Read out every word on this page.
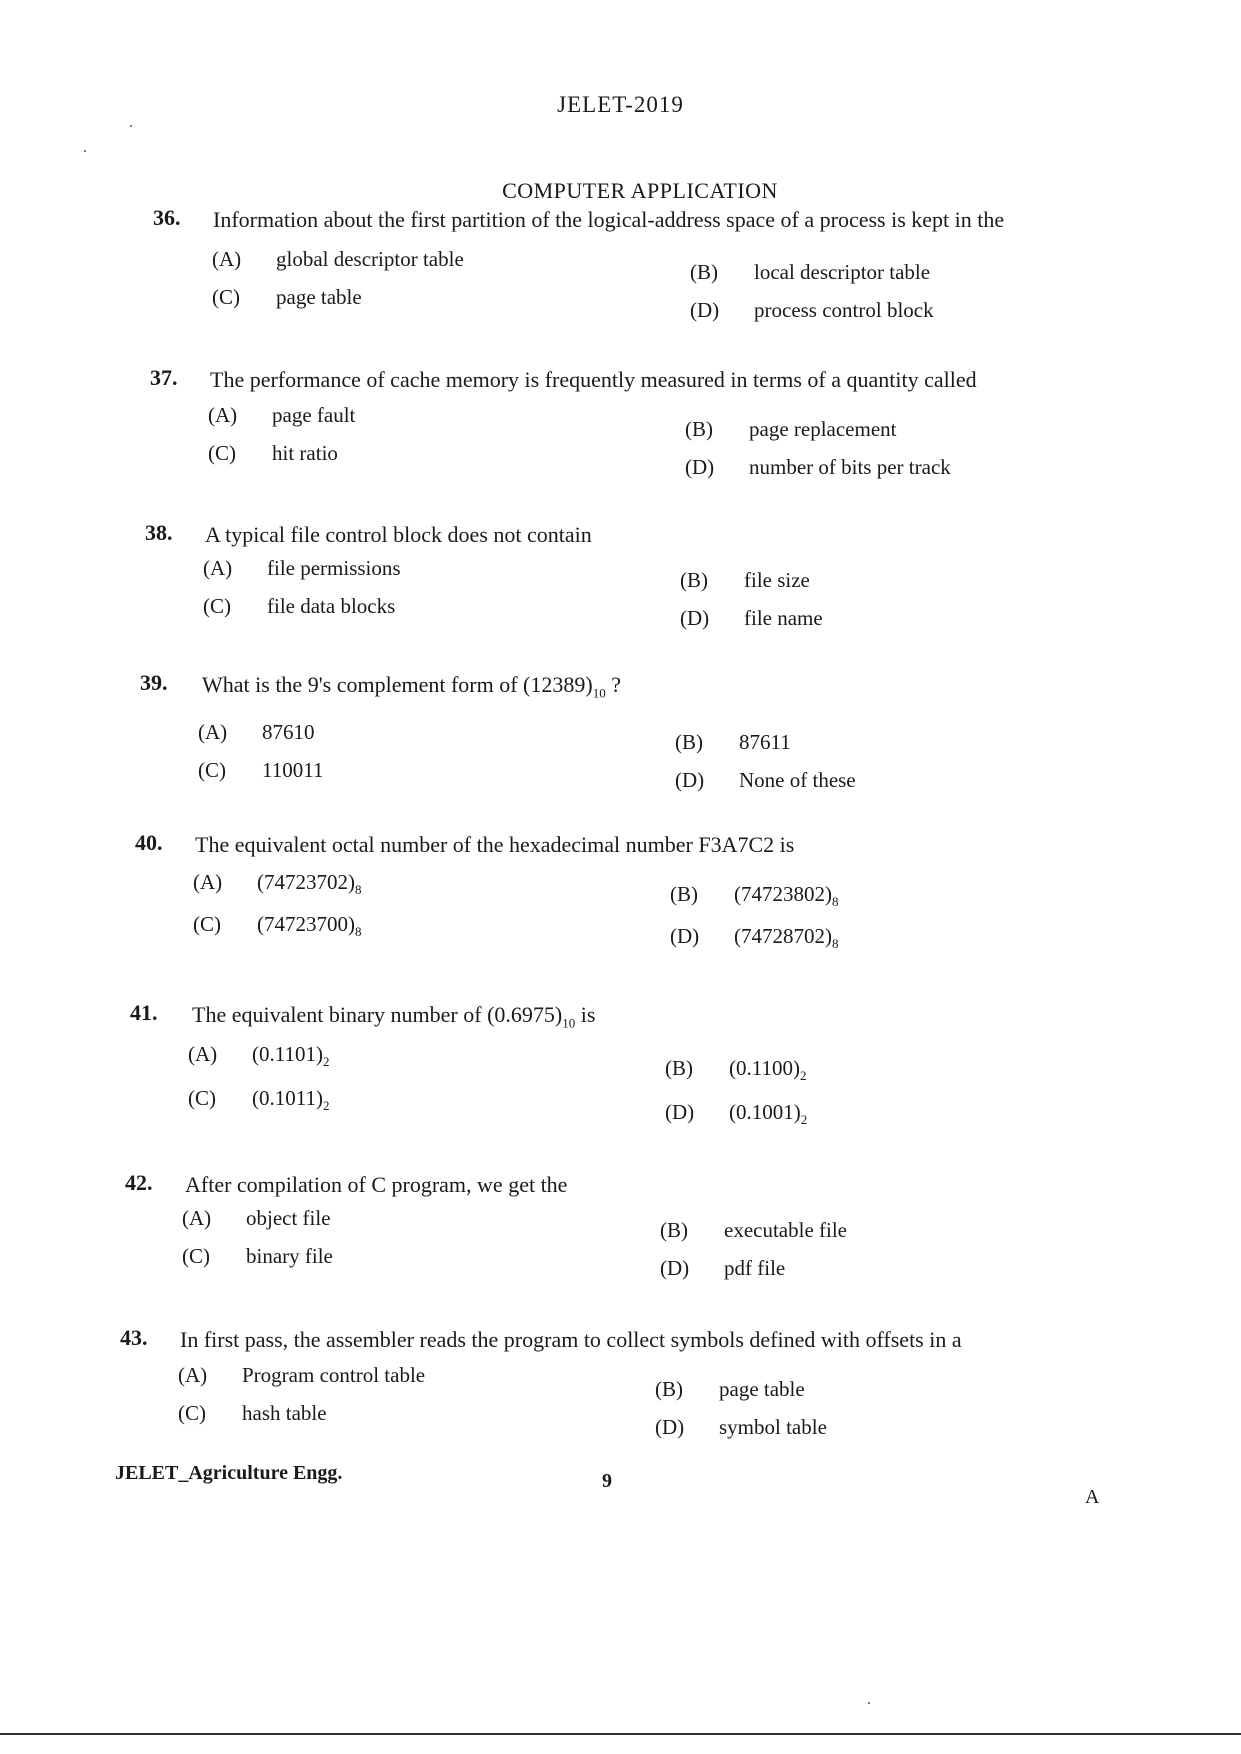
JELET-2019
COMPUTER APPLICATION
36. Information about the first partition of the logical-address space of a process is kept in the
(A) global descriptor table
(B) local descriptor table
(C) page table
(D) process control block
37. The performance of cache memory is frequently measured in terms of a quantity called
(A) page fault
(B) page replacement
(C) hit ratio
(D) number of bits per track
38. A typical file control block does not contain
(A) file permissions	(B) file size
(C) file data blocks	(D) file name
39. What is the 9's complement form of $(12389)_{10}$ ?
(A) 87610	(B) 87611
(C) 110011	(D) None of these
40. The equivalent octal number of the hexadecimal number F3A7C2 is
(A) $(74723702)_8$	(B) $(74723802)_8$
(C) $(74723700)_8$	(D) $(74728702)_8$
41. The equivalent binary number of $(0.6975)_{10}$ is
(A) $(0.1101)_2$	(B) $(0.1100)_2$
(C) $(0.1011)_2$	(D) $(0.1001)_2$
42. After compilation of C program, we get the
(A) object file	(B) executable file
(C) binary file	(D) pdf file
43. In first pass, the assembler reads the program to collect symbols defined with offsets in a
(A) Program control table
(B) page table
(C) hash table
(D) symbol table
JELET_Agriculture Engg.	9
A
